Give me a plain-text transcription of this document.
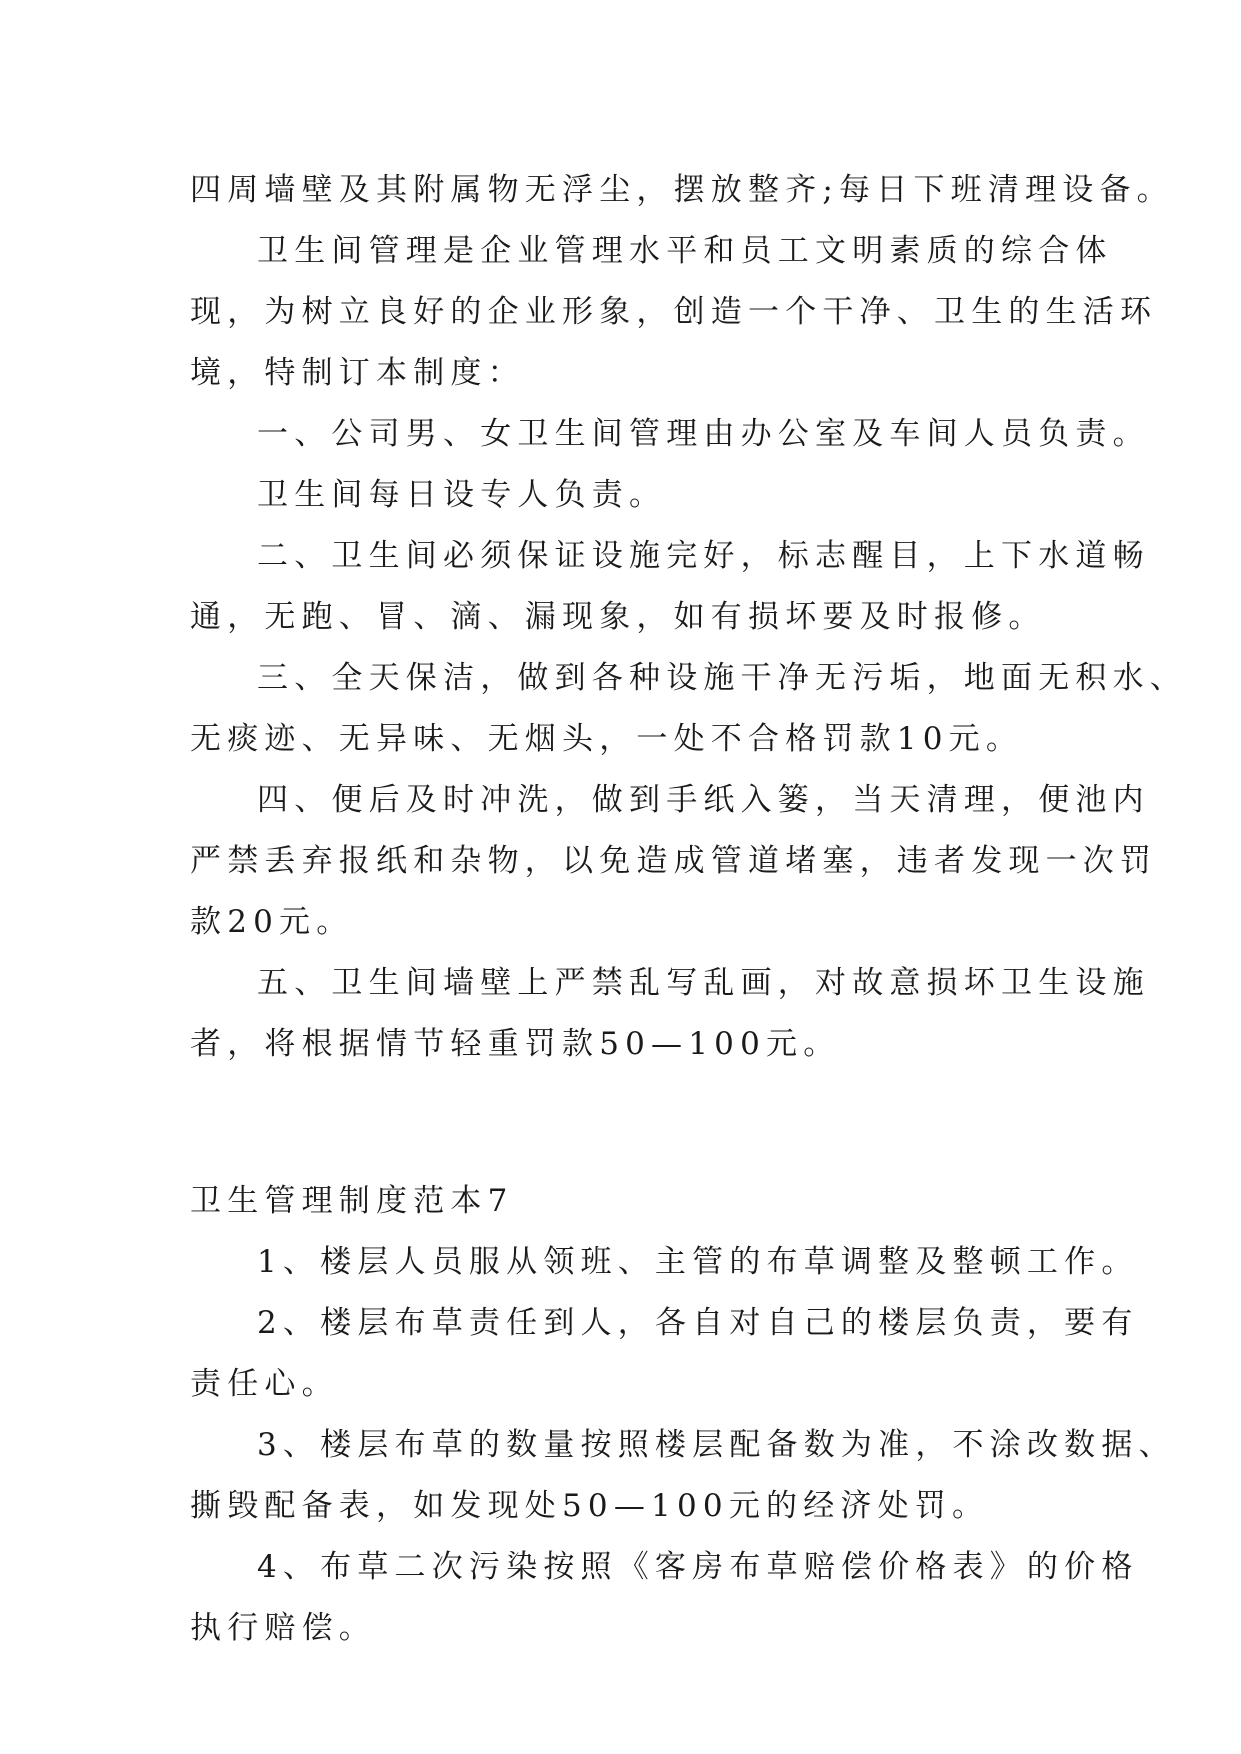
四周墙壁及其附属物无浮尘，摆放整齐;每日下班清理设备。

卫生间管理是企业管理水平和员工文明素质的综合体

现，为树立良好的企业形象，创造一个干净、卫生的生活环

境，特制订本制度：

一、公司男、女卫生间管理由办公室及车间人员负责。

卫生间每日设专人负责。

二、卫生间必须保证设施完好，标志醒目，上下水道畅

通，无跑、冒、滴、漏现象，如有损坏要及时报修。

三、全天保洁，做到各种设施干净无污垢，地面无积水、

无痰迹、无异味、无烟头，一处不合格罚款10元。

四、便后及时冲洗，做到手纸入篓，当天清理，便池内

严禁丢弃报纸和杂物，以免造成管道堵塞，违者发现一次罚

款20元。

五、卫生间墙壁上严禁乱写乱画，对故意损坏卫生设施

者，将根据情节轻重罚款50—100元。

卫生管理制度范本7

1、楼层人员服从领班、主管的布草调整及整顿工作。

2、楼层布草责任到人，各自对自己的楼层负责，要有

责任心。

3、楼层布草的数量按照楼层配备数为准，不涂改数据、

撕毁配备表，如发现处50—100元的经济处罚。

4、布草二次污染按照《客房布草赔偿价格表》的价格

执行赔偿。
